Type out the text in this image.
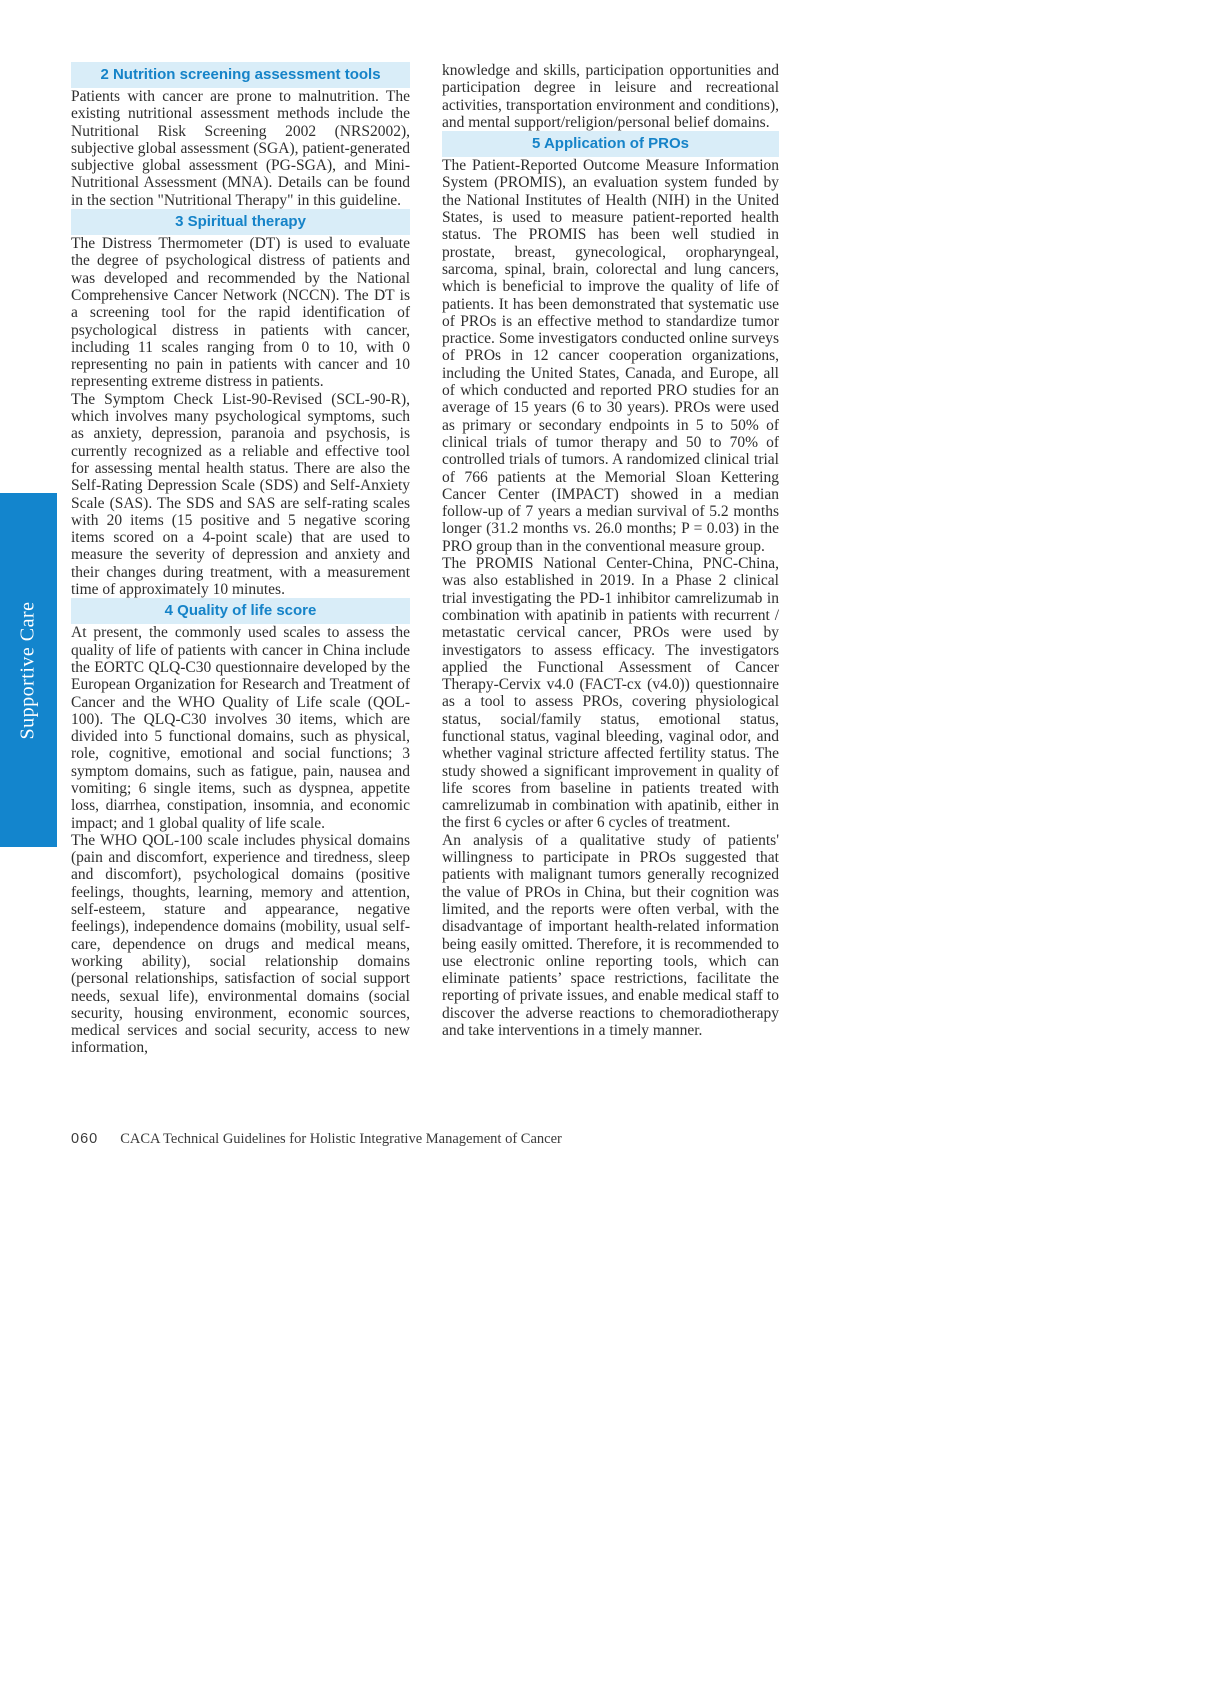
Supportive Care
2 Nutrition screening assessment tools

Patients with cancer are prone to malnutrition. The existing nutritional assessment methods include the Nutritional Risk Screening 2002 (NRS2002), subjective global assessment (SGA), patient-generated subjective global assessment (PG-SGA), and Mini-Nutritional Assessment (MNA). Details can be found in the section "Nutritional Therapy" in this guideline.

3 Spiritual therapy

The Distress Thermometer (DT) is used to evaluate the degree of psychological distress of patients and was developed and recommended by the National Comprehensive Cancer Network (NCCN). The DT is a screening tool for the rapid identification of psychological distress in patients with cancer, including 11 scales ranging from 0 to 10, with 0 representing no pain in patients with cancer and 10 representing extreme distress in patients.

The Symptom Check List-90-Revised (SCL-90-R), which involves many psychological symptoms, such as anxiety, depression, paranoia and psychosis, is currently recognized as a reliable and effective tool for assessing mental health status. There are also the Self-Rating Depression Scale (SDS) and Self-Anxiety Scale (SAS). The SDS and SAS are self-rating scales with 20 items (15 positive and 5 negative scoring items scored on a 4-point scale) that are used to measure the severity of depression and anxiety and their changes during treatment, with a measurement time of approximately 10 minutes.

4 Quality of life score

At present, the commonly used scales to assess the quality of life of patients with cancer in China include the EORTC QLQ-C30 questionnaire developed by the European Organization for Research and Treatment of Cancer and the WHO Quality of Life scale (QOL-100). The QLQ-C30 involves 30 items, which are divided into 5 functional domains, such as physical, role, cognitive, emotional and social functions; 3 symptom domains, such as fatigue, pain, nausea and vomiting; 6 single items, such as dyspnea, appetite loss, diarrhea, constipation, insomnia, and economic impact; and 1 global quality of life scale.

The WHO QOL-100 scale includes physical domains (pain and discomfort, experience and tiredness, sleep and discomfort), psychological domains (positive feelings, thoughts, learning, memory and attention, self-esteem, stature and appearance, negative feelings), independence domains (mobility, usual self-care, dependence on drugs and medical means, working ability), social relationship domains (personal relationships, satisfaction of social support needs, sexual life), environmental domains (social security, housing environment, economic sources, medical services and social security, access to new information,

knowledge and skills, participation opportunities and participation degree in leisure and recreational activities, transportation environment and conditions), and mental support/religion/personal belief domains.

5 Application of PROs

The Patient-Reported Outcome Measure Information System (PROMIS), an evaluation system funded by the National Institutes of Health (NIH) in the United States, is used to measure patient-reported health status. The PROMIS has been well studied in prostate, breast, gynecological, oropharyngeal, sarcoma, spinal, brain, colorectal and lung cancers, which is beneficial to improve the quality of life of patients. It has been demonstrated that systematic use of PROs is an effective method to standardize tumor practice. Some investigators conducted online surveys of PROs in 12 cancer cooperation organizations, including the United States, Canada, and Europe, all of which conducted and reported PRO studies for an average of 15 years (6 to 30 years). PROs were used as primary or secondary endpoints in 5 to 50% of clinical trials of tumor therapy and 50 to 70% of controlled trials of tumors. A randomized clinical trial of 766 patients at the Memorial Sloan Kettering Cancer Center (IMPACT) showed in a median follow-up of 7 years a median survival of 5.2 months longer (31.2 months vs. 26.0 months; P = 0.03) in the PRO group than in the conventional measure group.

The PROMIS National Center-China, PNC-China, was also established in 2019. In a Phase 2 clinical trial investigating the PD-1 inhibitor camrelizumab in combination with apatinib in patients with recurrent / metastatic cervical cancer, PROs were used by investigators to assess efficacy. The investigators applied the Functional Assessment of Cancer Therapy-Cervix v4.0 (FACT-cx (v4.0)) questionnaire as a tool to assess PROs, covering physiological status, social/family status, emotional status, functional status, vaginal bleeding, vaginal odor, and whether vaginal stricture affected fertility status. The study showed a significant improvement in quality of life scores from baseline in patients treated with camrelizumab in combination with apatinib, either in the first 6 cycles or after 6 cycles of treatment.

An analysis of a qualitative study of patients' willingness to participate in PROs suggested that patients with malignant tumors generally recognized the value of PROs in China, but their cognition was limited, and the reports were often verbal, with the disadvantage of important health-related information being easily omitted. Therefore, it is recommended to use electronic online reporting tools, which can eliminate patients’ space restrictions, facilitate the reporting of private issues, and enable medical staff to discover the adverse reactions to chemoradiotherapy and take interventions in a timely manner.

060 CACA Technical Guidelines for Holistic Integrative Management of Cancer
